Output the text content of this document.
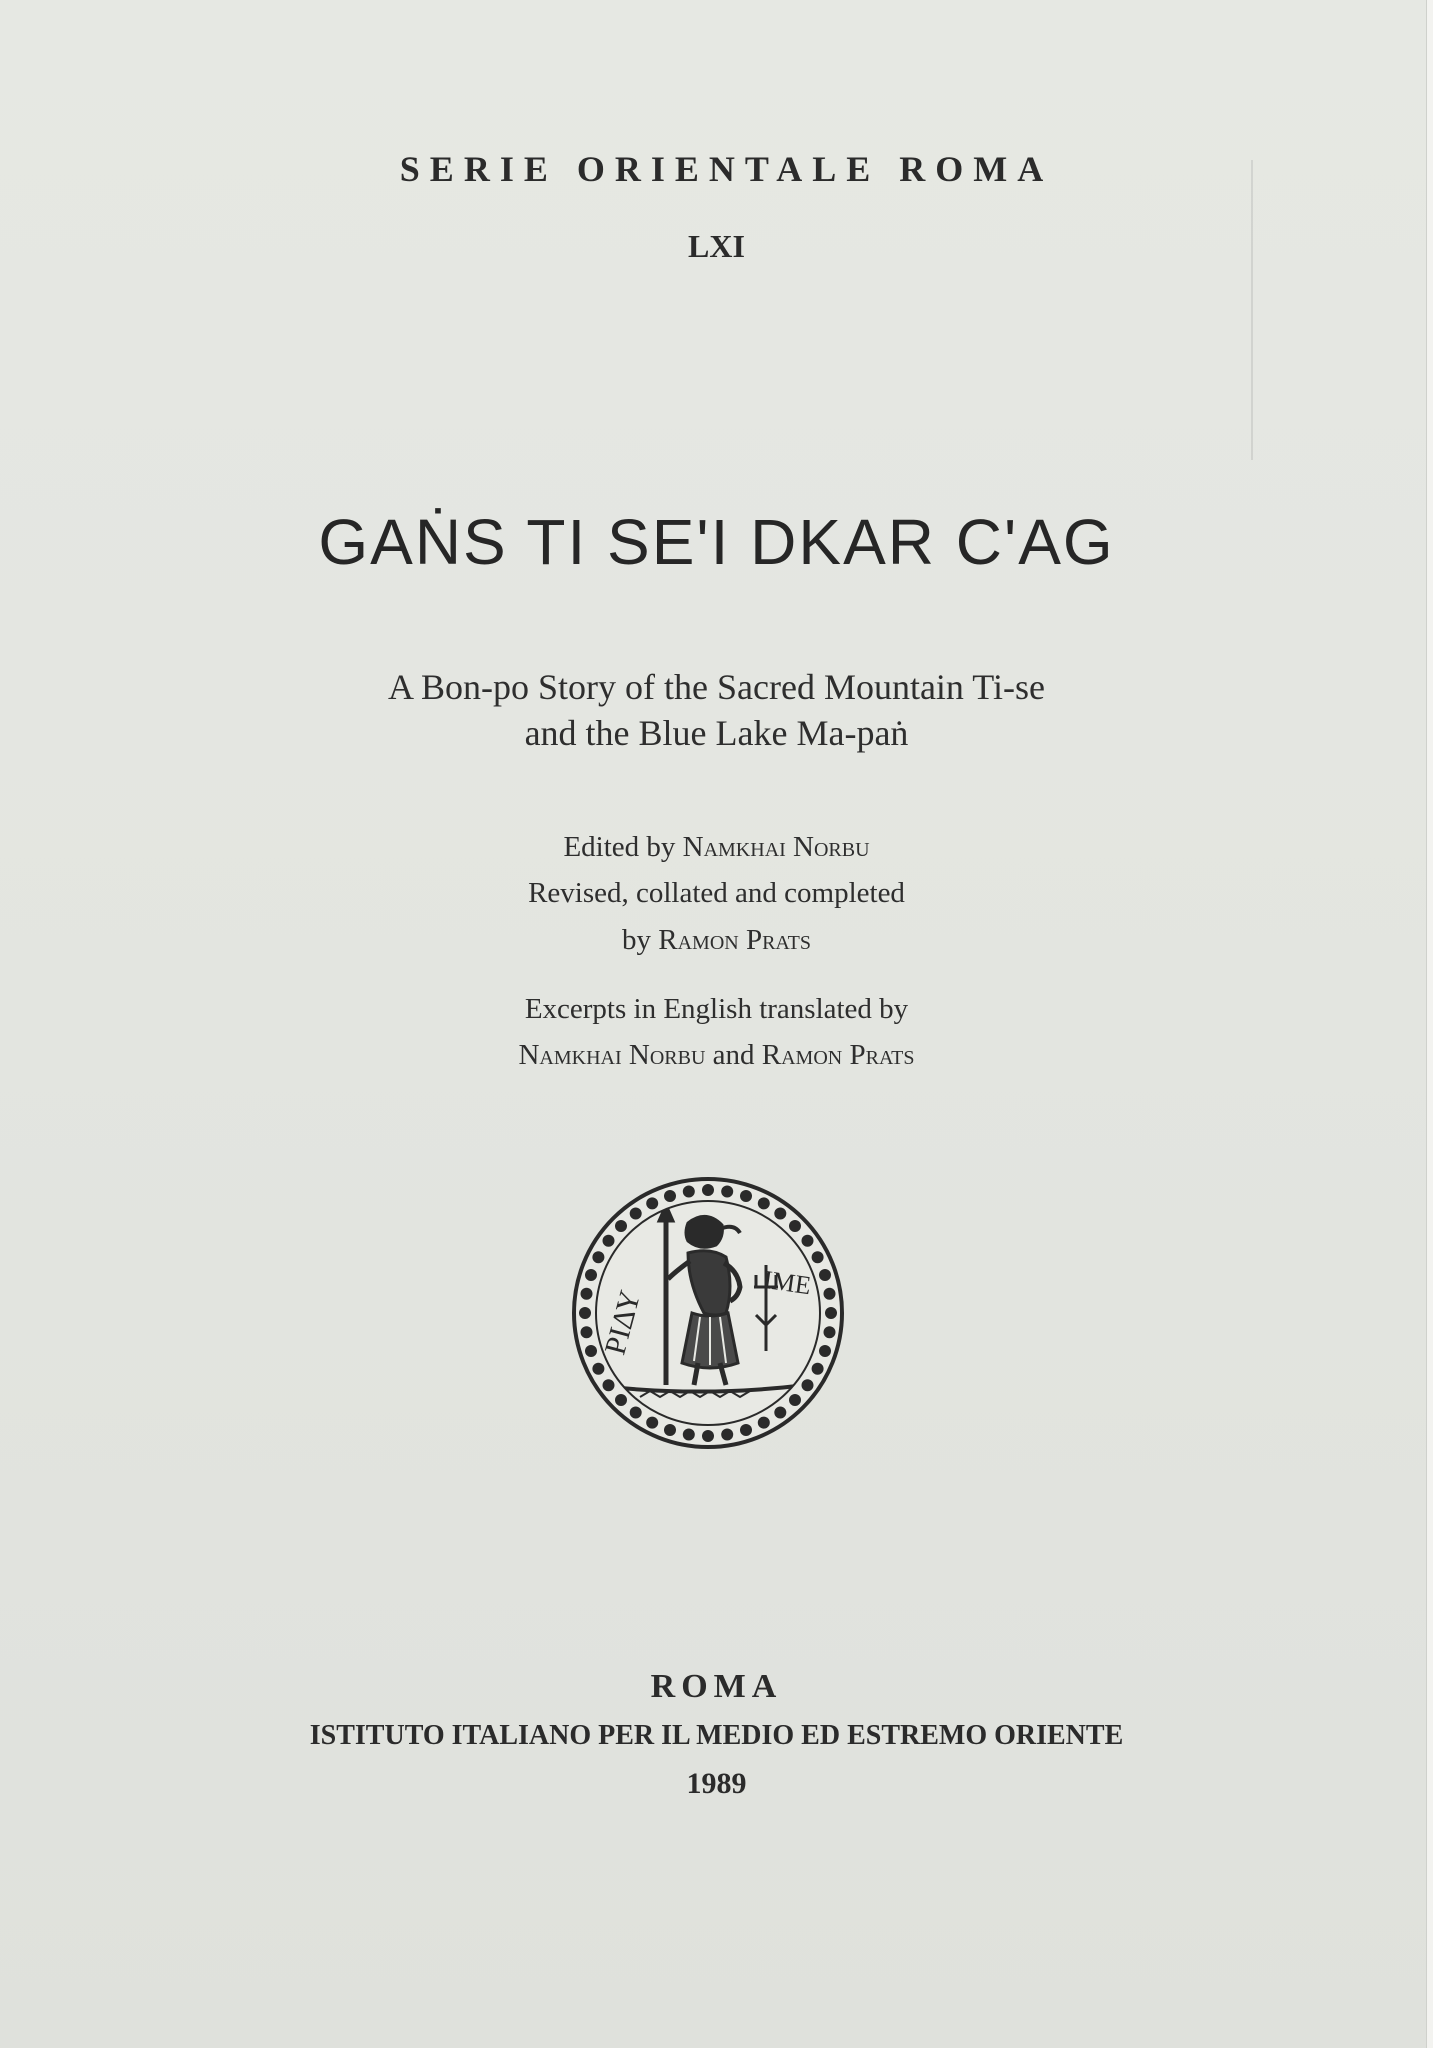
SERIE ORIENTALE ROMA
LXI
GAṄS TI SE'I DKAR C'AG
A Bon-po Story of the Sacred Mountain Ti-se
and the Blue Lake Ma-paṅ
Edited by Namkhai Norbu
Revised, collated and completed
by Ramon Prats
Excerpts in English translated by
Namkhai Norbu and Ramon Prats
ΡΙΔΥ
ΙΜΕ
ROMA
ISTITUTO ITALIANO PER IL MEDIO ED ESTREMO ORIENTE
1989
